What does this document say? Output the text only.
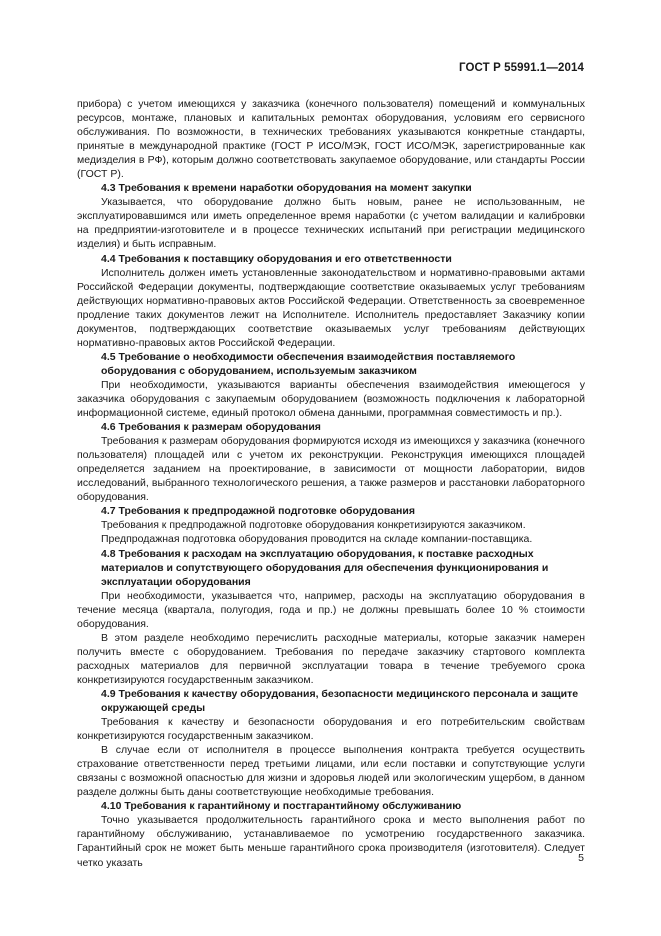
ГОСТ Р 55991.1—2014

прибора) с учетом имеющихся у заказчика (конечного пользователя) помещений и коммунальных ресурсов, монтаже, плановых и капитальных ремонтах оборудования, условиям его сервисного обслуживания. По возможности, в технических требованиях указываются конкретные стандарты, принятые в международной практике (ГОСТ Р ИСО/МЭК, ГОСТ ИСО/МЭК, зарегистрированные как медизделия в РФ), которым должно соответствовать закупаемое оборудование, или стандарты России (ГОСТ Р).

4.3 Требования к времени наработки оборудования на момент закупки

Указывается, что оборудование должно быть новым, ранее не использованным, не эксплуатировавшимся или иметь определенное время наработки (с учетом валидации и калибровки на предприятии-изготовителе и в процессе технических испытаний при регистрации медицинского изделия) и быть исправным.

4.4 Требования к поставщику оборудования и его ответственности

Исполнитель должен иметь установленные законодательством и нормативно-правовыми актами Российской Федерации документы, подтверждающие соответствие оказываемых услуг требованиям действующих нормативно-правовых актов Российской Федерации. Ответственность за своевременное продление таких документов лежит на Исполнителе. Исполнитель предоставляет Заказчику копии документов, подтверждающих соответствие оказываемых услуг требованиям действующих нормативно-правовых актов Российской Федерации.

4.5 Требование о необходимости обеспечения взаимодействия поставляемого оборудования с оборудованием, используемым заказчиком

При необходимости, указываются варианты обеспечения взаимодействия имеющегося у заказчика оборудования с закупаемым оборудованием (возможность подключения к лабораторной информационной системе, единый протокол обмена данными, программная совместимость и пр.).

4.6 Требования к размерам оборудования

Требования к размерам оборудования формируются исходя из имеющихся у заказчика (конечного пользователя) площадей или с учетом их реконструкции. Реконструкция имеющихся площадей определяется заданием на проектирование, в зависимости от мощности лаборатории, видов исследований, выбранного технологического решения, а также размеров и расстановки лабораторного оборудования.

4.7 Требования к предпродажной подготовке оборудования

Требования к предпродажной подготовке оборудования конкретизируются заказчиком.

Предпродажная подготовка оборудования проводится на складе компании-поставщика.

4.8 Требования к расходам на эксплуатацию оборудования, к поставке расходных материалов и сопутствующего оборудования для обеспечения функционирования и эксплуатации оборудования

При необходимости, указывается что, например, расходы на эксплуатацию оборудования в течение месяца (квартала, полугодия, года и пр.) не должны превышать более 10 % стоимости оборудования.

В этом разделе необходимо перечислить расходные материалы, которые заказчик намерен получить вместе с оборудованием. Требования по передаче заказчику стартового комплекта расходных материалов для первичной эксплуатации товара в течение требуемого срока конкретизируются государственным заказчиком.

4.9 Требования к качеству оборудования, безопасности медицинского персонала и защите окружающей среды

Требования к качеству и безопасности оборудования и его потребительским свойствам конкретизируются государственным заказчиком.

В случае если от исполнителя в процессе выполнения контракта требуется осуществить страхование ответственности перед третьими лицами, или если поставки и сопутствующие услуги связаны с возможной опасностью для жизни и здоровья людей или экологическим ущербом, в данном разделе должны быть даны соответствующие необходимые требования.

4.10 Требования к гарантийному и постгарантийному обслуживанию

Точно указывается продолжительность гарантийного срока и место выполнения работ по гарантийному обслуживанию, устанавливаемое по усмотрению государственного заказчика. Гарантийный срок не может быть меньше гарантийного срока производителя (изготовителя). Следует четко указать	5
